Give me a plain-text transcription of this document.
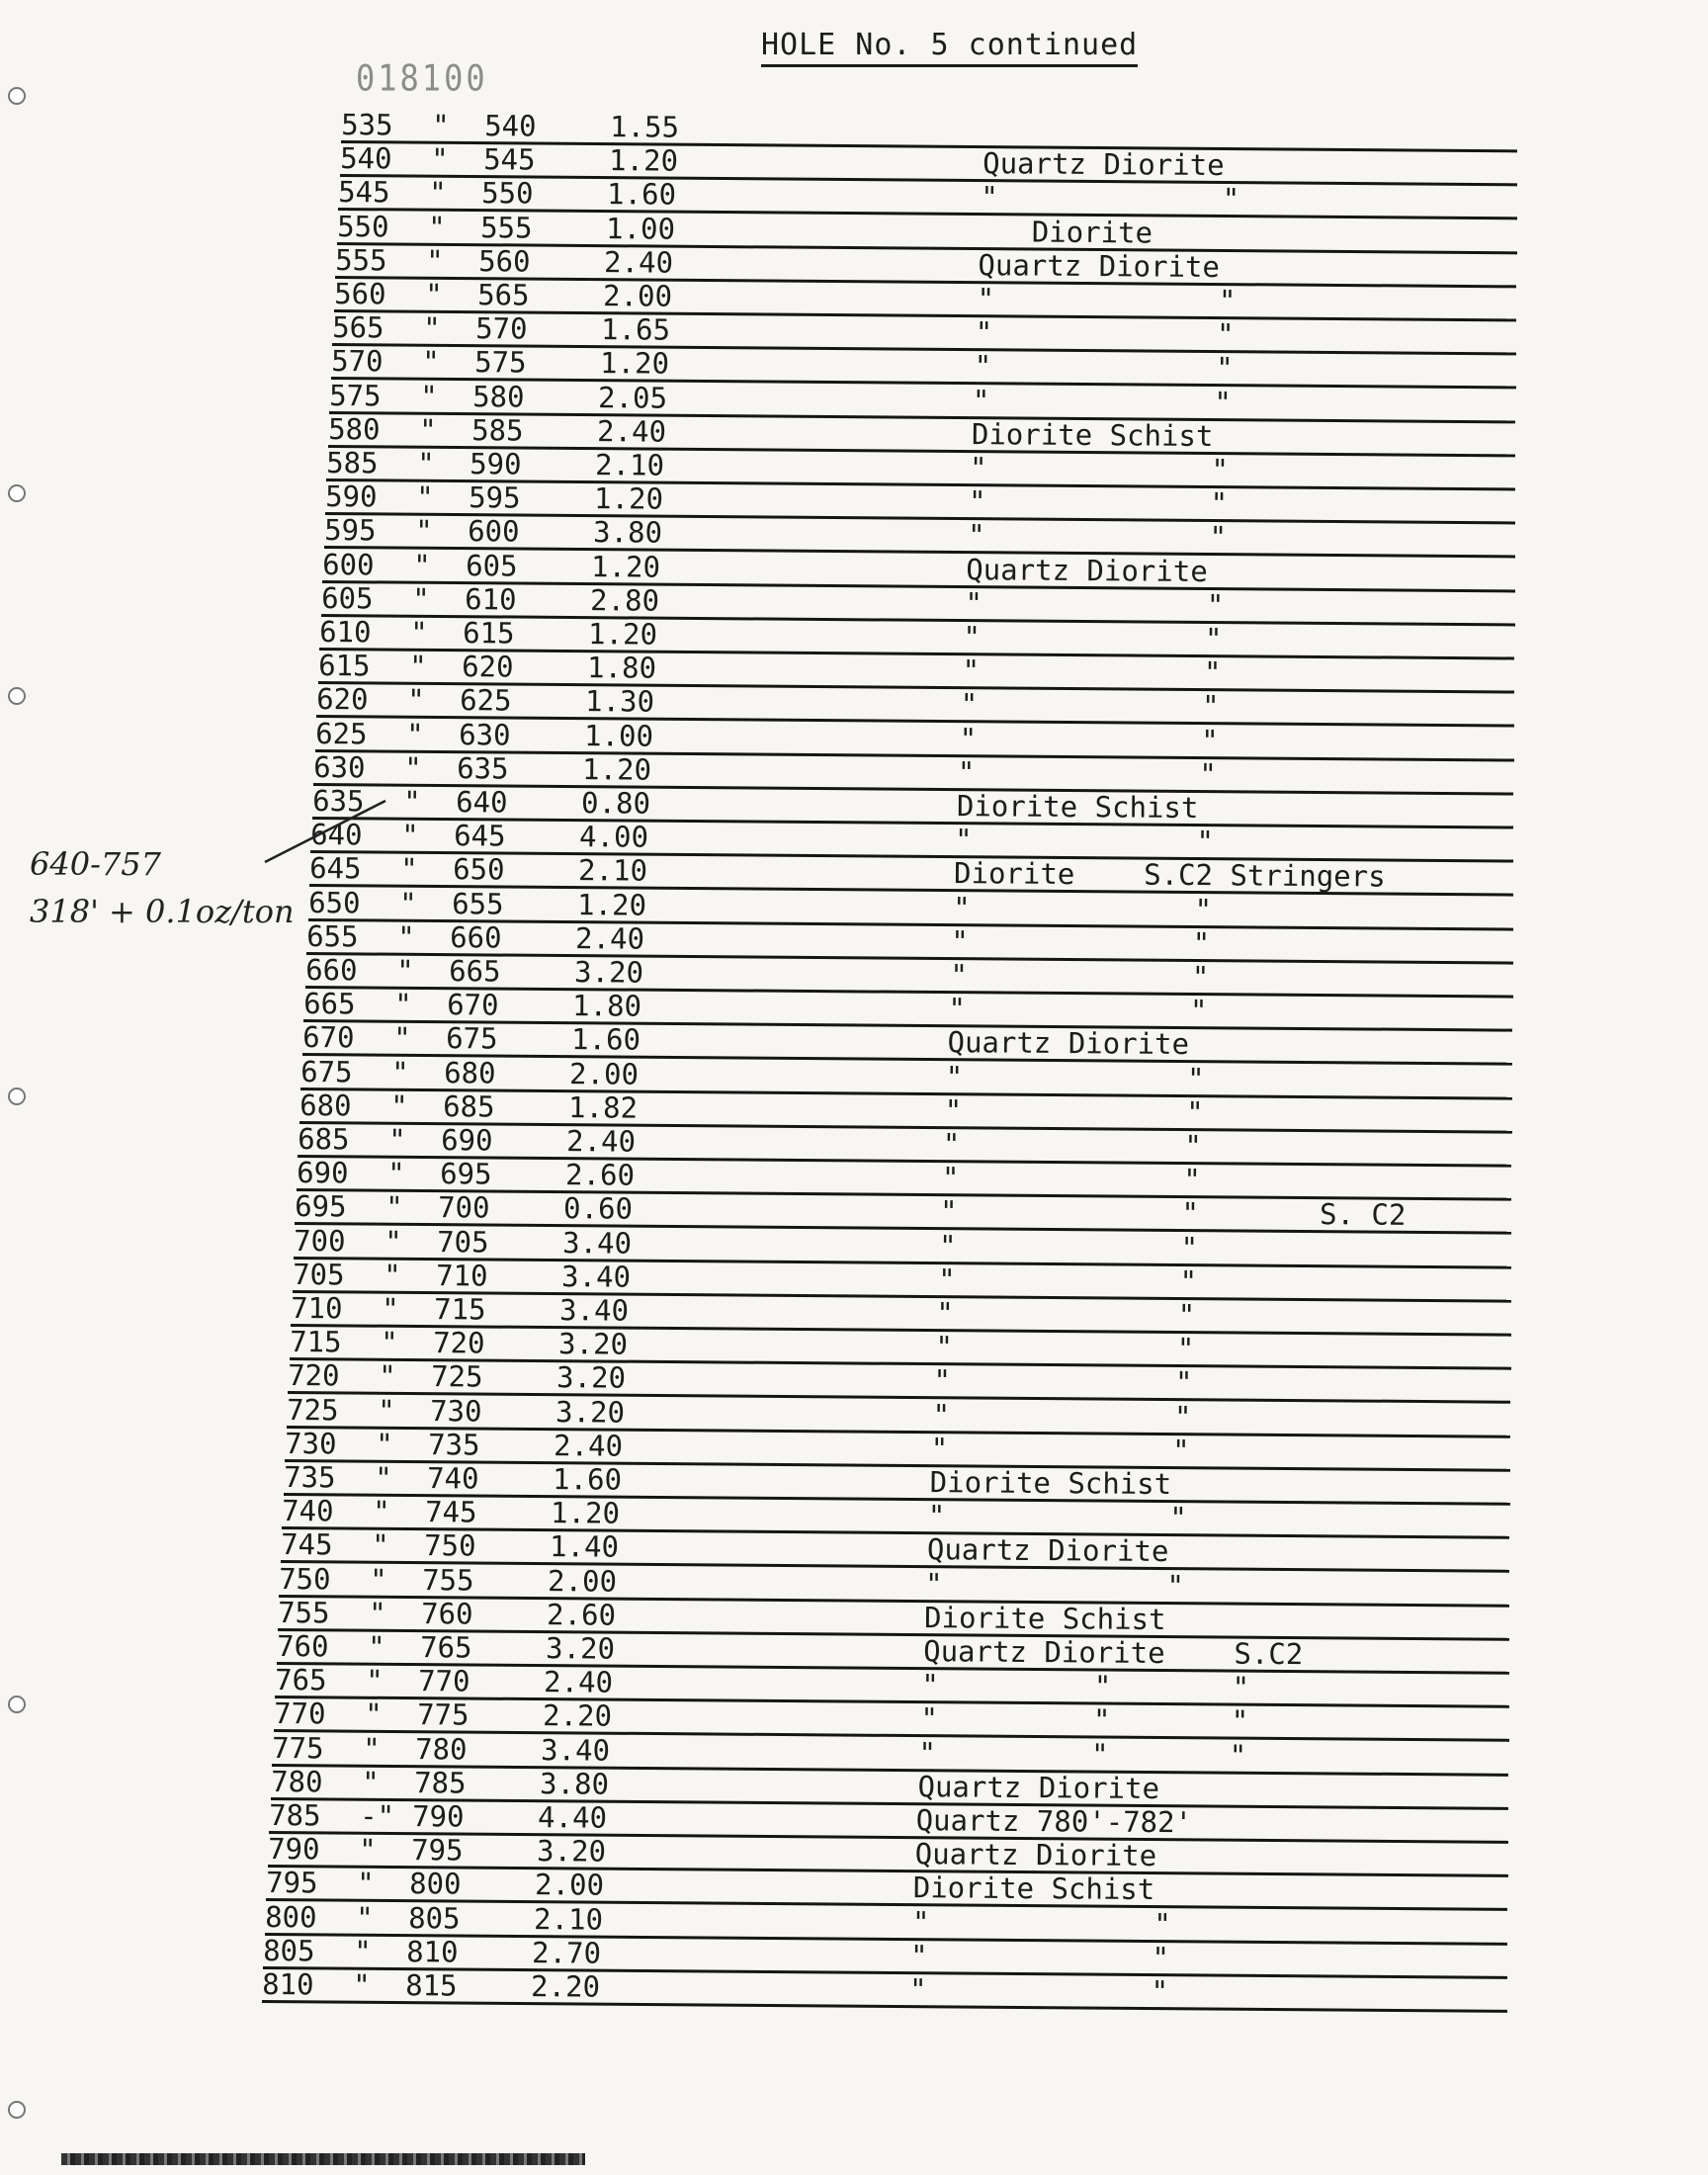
HOLE No. 5 continued
018100
535	" 540	1.55
540	" 545	1.20	Quartz Diorite
545	" 550	1.60	"             "
550	" 555	1.00	Diorite
555	" 560	2.40	Quartz Diorite
560	" 565	2.00	"             "
565	" 570	1.65	"             "
570	" 575	1.20	"             "
575	" 580	2.05	"             "
580	" 585	2.40	Diorite Schist
585	" 590	2.10	"             "
590	" 595	1.20	"             "
595	" 600	3.80	"             "
600	" 605	1.20	Quartz Diorite
605	" 610	2.80	"             "
610	" 615	1.20	"             "
615	" 620	1.80	"             "
620	" 625	1.30	"             "
625	" 630	1.00	"             "
630	" 635	1.20	"             "
635	" 640	0.80	Diorite Schist
640	" 645	4.00	"             "
645	" 650	2.10	Diorite    S.C2 Stringers
650	" 655	1.20	"             "
655	" 660	2.40	"             "
660	" 665	3.20	"             "
665	" 670	1.80	"             "
670	" 675	1.60	Quartz Diorite
675	" 680	2.00	"             "
680	" 685	1.82	"             "
685	" 690	2.40	"             "
690	" 695	2.60	"             "
695	" 700	0.60	"             "       S. C2
700	" 705	3.40	"             "
705	" 710	3.40	"             "
710	" 715	3.40	"             "
715	" 720	3.20	"             "
720	" 725	3.20	"             "
725	" 730	3.20	"             "
730	" 735	2.40	"             "
735	" 740	1.60	Diorite Schist
740	" 745	1.20	"             "
745	" 750	1.40	Quartz Diorite
750	" 755	2.00	"             "
755	" 760	2.60	Diorite Schist
760	" 765	3.20	Quartz Diorite    S.C2
765	" 770	2.40	"         "       "
770	" 775	2.20	"         "       "
775	" 780	3.40	"         "       "
780	" 785	3.80	Quartz Diorite
785	-" 790	4.40	Quartz 780'-782'
790	" 795	3.20	Quartz Diorite
795	" 800	2.00	Diorite Schist
800	" 805	2.10	"             "
805	" 810	2.70	"             "
810	" 815	2.20	"             "
640-757
318' + 0.1oz/ton
